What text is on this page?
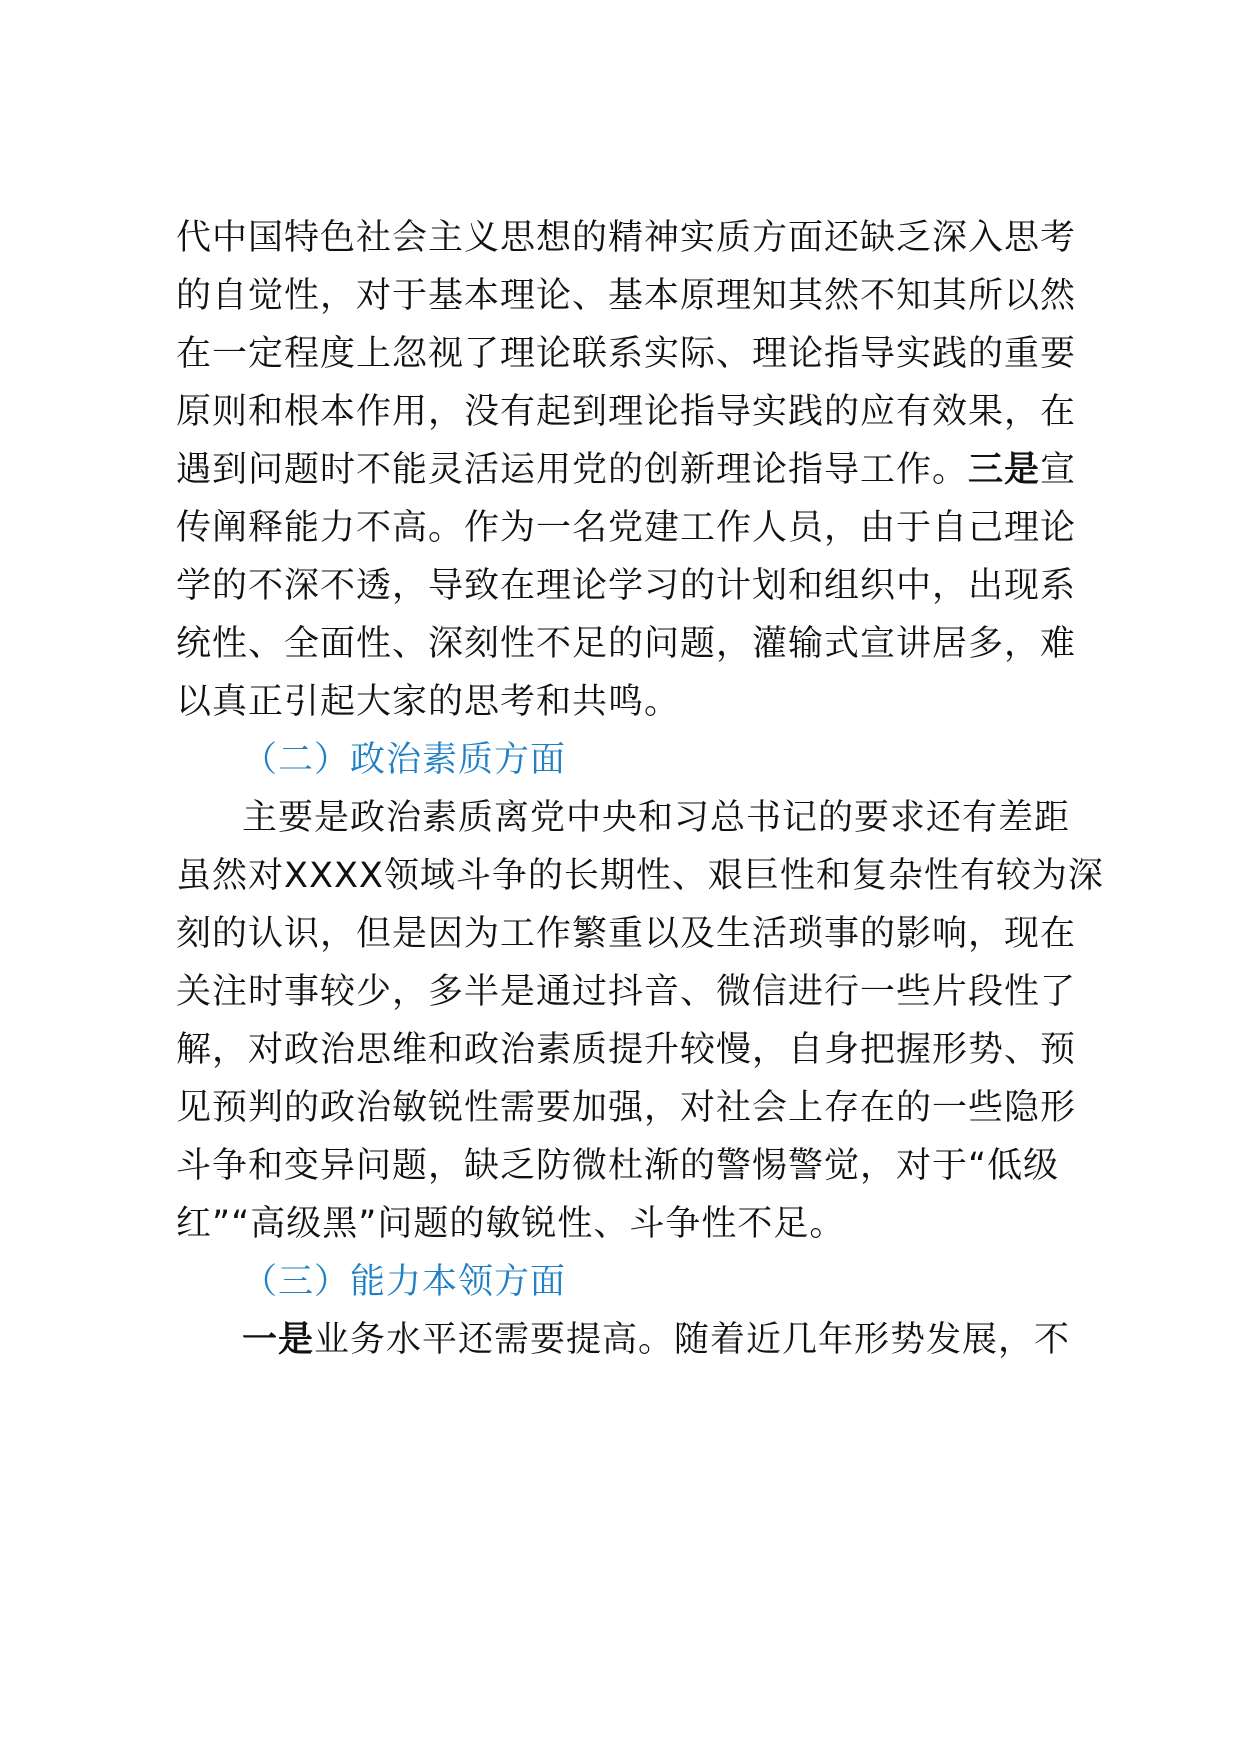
代中国特色社会主义思想的精神实质方面还缺乏深入思考
的自觉性，对于基本理论、基本原理知其然不知其所以然
在一定程度上忽视了理论联系实际、理论指导实践的重要
原则和根本作用，没有起到理论指导实践的应有效果，在
遇到问题时不能灵活运用党的创新理论指导工作。三是宣
传阐释能力不高。作为一名党建工作人员，由于自己理论
学的不深不透，导致在理论学习的计划和组织中，出现系
统性、全面性、深刻性不足的问题，灌输式宣讲居多，难
以真正引起大家的思考和共鸣。
（二）政治素质方面
主要是政治素质离党中央和习总书记的要求还有差距
虽然对XXXX领域斗争的长期性、艰巨性和复杂性有较为深
刻的认识，但是因为工作繁重以及生活琐事的影响，现在
关注时事较少，多半是通过抖音、微信进行一些片段性了
解，对政治思维和政治素质提升较慢，自身把握形势、预
见预判的政治敏锐性需要加强，对社会上存在的一些隐形
斗争和变异问题，缺乏防微杜渐的警惕警觉，对于“低级
红”“高级黑”问题的敏锐性、斗争性不足。
（三）能力本领方面
一是业务水平还需要提高。随着近几年形势发展，不
